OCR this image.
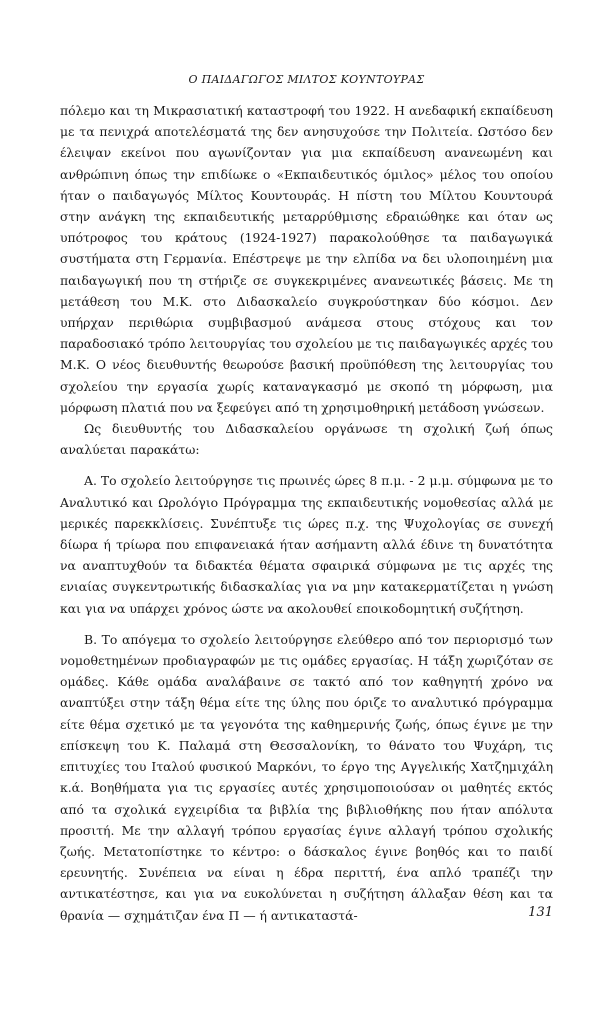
Ο ΠΑΙΔΑΓΩΓΟΣ ΜΙΛΤΟΣ ΚΟΥΝΤΟΥΡΑΣ

πόλεμο και τη Μικρασιατική καταστροφή του 1922. Η ανεδαφική εκπαίδευση με τα πενιχρά αποτελέσματά της δεν ανησυχούσε την Πολιτεία. Ωστόσο δεν έλειψαν εκείνοι που αγωνίζονταν για μια εκπαίδευση ανανεωμένη και ανθρώπινη όπως την επιδίωκε ο «Εκπαιδευτικός όμιλος» μέλος του οποίου ήταν ο παιδαγωγός Μίλτος Κουντουράς. Η πίστη του Μίλτου Κουντουρά στην ανάγκη της εκπαιδευτικής μεταρρύθμισης εδραιώθηκε και όταν ως υπότροφος του κράτους (1924-1927) παρακολούθησε τα παιδαγωγικά συστήματα στη Γερμανία. Επέστρεψε με την ελπίδα να δει υλοποιημένη μια παιδαγωγική που τη στήριζε σε συγκεκριμένες ανανεωτικές βάσεις. Με τη μετάθεση του Μ.Κ. στο Διδασκαλείο συγκρούστηκαν δύο κόσμοι. Δεν υπήρχαν περιθώρια συμβιβασμού ανάμεσα στους στόχους και τον παραδοσιακό τρόπο λειτουργίας του σχολείου με τις παιδαγωγικές αρχές του Μ.Κ. Ο νέος διευθυντής θεωρούσε βασική προϋπόθεση της λειτουργίας του σχολείου την εργασία χωρίς καταναγκασμό με σκοπό τη μόρφωση, μια μόρφωση πλατιά που να ξεφεύγει από τη χρησιμοθηρική μετάδοση γνώσεων.

Ως διευθυντής του Διδασκαλείου οργάνωσε τη σχολική ζωή όπως αναλύεται παρακάτω:

Α. Το σχολείο λειτούργησε τις πρωινές ώρες 8 π.μ. - 2 μ.μ. σύμφωνα με το Αναλυτικό και Ωρολόγιο Πρόγραμμα της εκπαιδευτικής νομοθεσίας αλλά με μερικές παρεκκλίσεις. Συνέπτυξε τις ώρες π.χ. της Ψυχολογίας σε συνεχή δίωρα ή τρίωρα που επιφανειακά ήταν ασήμαντη αλλά έδινε τη δυνατότητα να αναπτυχθούν τα διδακτέα θέματα σφαιρικά σύμφωνα με τις αρχές της ενιαίας συγκεντρωτικής διδασκαλίας για να μην κατακερματίζεται η γνώση και για να υπάρχει χρόνος ώστε να ακολουθεί εποικοδομητική συζήτηση.

Β. Το απόγεμα το σχολείο λειτούργησε ελεύθερο από τον περιορισμό των νομοθετημένων προδιαγραφών με τις ομάδες εργασίας. Η τάξη χωριζόταν σε ομάδες. Κάθε ομάδα αναλάβαινε σε τακτό από τον καθηγητή χρόνο να αναπτύξει στην τάξη θέμα είτε της ύλης που όριζε το αναλυτικό πρόγραμμα είτε θέμα σχετικό με τα γεγονότα της καθημερινής ζωής, όπως έγινε με την επίσκεψη του Κ. Παλαμά στη Θεσσαλονίκη, το θάνατο του Ψυχάρη, τις επιτυχίες του Ιταλού φυσικού Μαρκόνι, το έργο της Αγγελικής Χατζημιχάλη κ.ά. Βοηθήματα για τις εργασίες αυτές χρησιμοποιούσαν οι μαθητές εκτός από τα σχολικά εγχειρίδια τα βιβλία της βιβλιοθήκης που ήταν απόλυτα προσιτή. Με την αλλαγή τρόπου εργασίας έγινε αλλαγή τρόπου σχολικής ζωής. Μετατοπίστηκε το κέντρο: ο δάσκαλος έγινε βοηθός και το παιδί ερευνητής. Συνέπεια να είναι η έδρα περιττή, ένα απλό τραπέζι την αντικατέστησε, και για να ευκολύνεται η συζήτηση άλλαξαν θέση και τα θρανία — σχημάτιζαν ένα Π — ή αντικαταστά-	131
